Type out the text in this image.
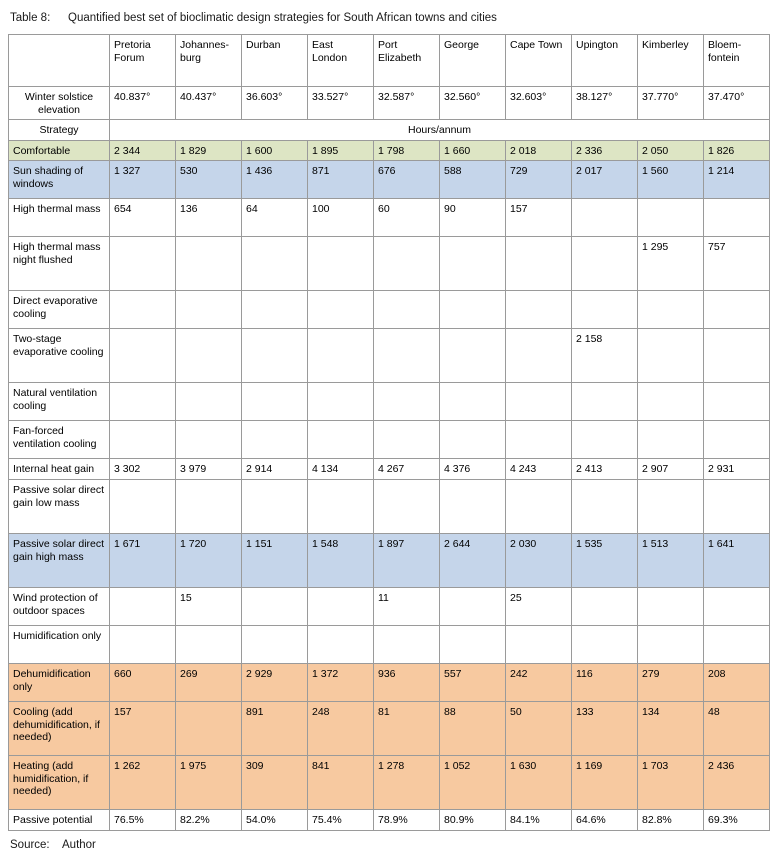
Table 8: Quantified best set of bioclimatic design strategies for South African towns and cities
	Pretoria Forum	Johannes-burg	Durban	East London	Port Elizabeth	George	Cape Town	Upington	Kimberley	Bloem-fontein
Winter solstice elevation	40.837°	40.437°	36.603°	33.527°	32.587°	32.560°	32.603°	38.127°	37.770°	37.470°
Strategy	Hours/annum									
Comfortable	2 344	1 829	1 600	1 895	1 798	1 660	2 018	2 336	2 050	1 826
Sun shading of windows	1 327	530	1 436	871	676	588	729	2 017	1 560	1 214
High thermal mass	654	136	64	100	60	90	157			
High thermal mass night flushed									1 295	757
Direct evaporative cooling										
Two-stage evaporative cooling								2 158		
Natural ventilation cooling										
Fan-forced ventilation cooling										
Internal heat gain	3 302	3 979	2 914	4 134	4 267	4 376	4 243	2 413	2 907	2 931
Passive solar direct gain low mass										
Passive solar direct gain high mass	1 671	1 720	1 151	1 548	1 897	2 644	2 030	1 535	1 513	1 641
Wind protection of outdoor spaces		15			11		25			
Humidification only										
Dehumidification only	660	269	2 929	1 372	936	557	242	116	279	208
Cooling (add dehumidification, if needed)	157		891	248	81	88	50	133	134	48
Heating (add humidification, if needed)	1 262	1 975	309	841	1 278	1 052	1 630	1 169	1 703	2 436
Passive potential	76.5%	82.2%	54.0%	75.4%	78.9%	80.9%	84.1%	64.6%	82.8%	69.3%
Source: Author
